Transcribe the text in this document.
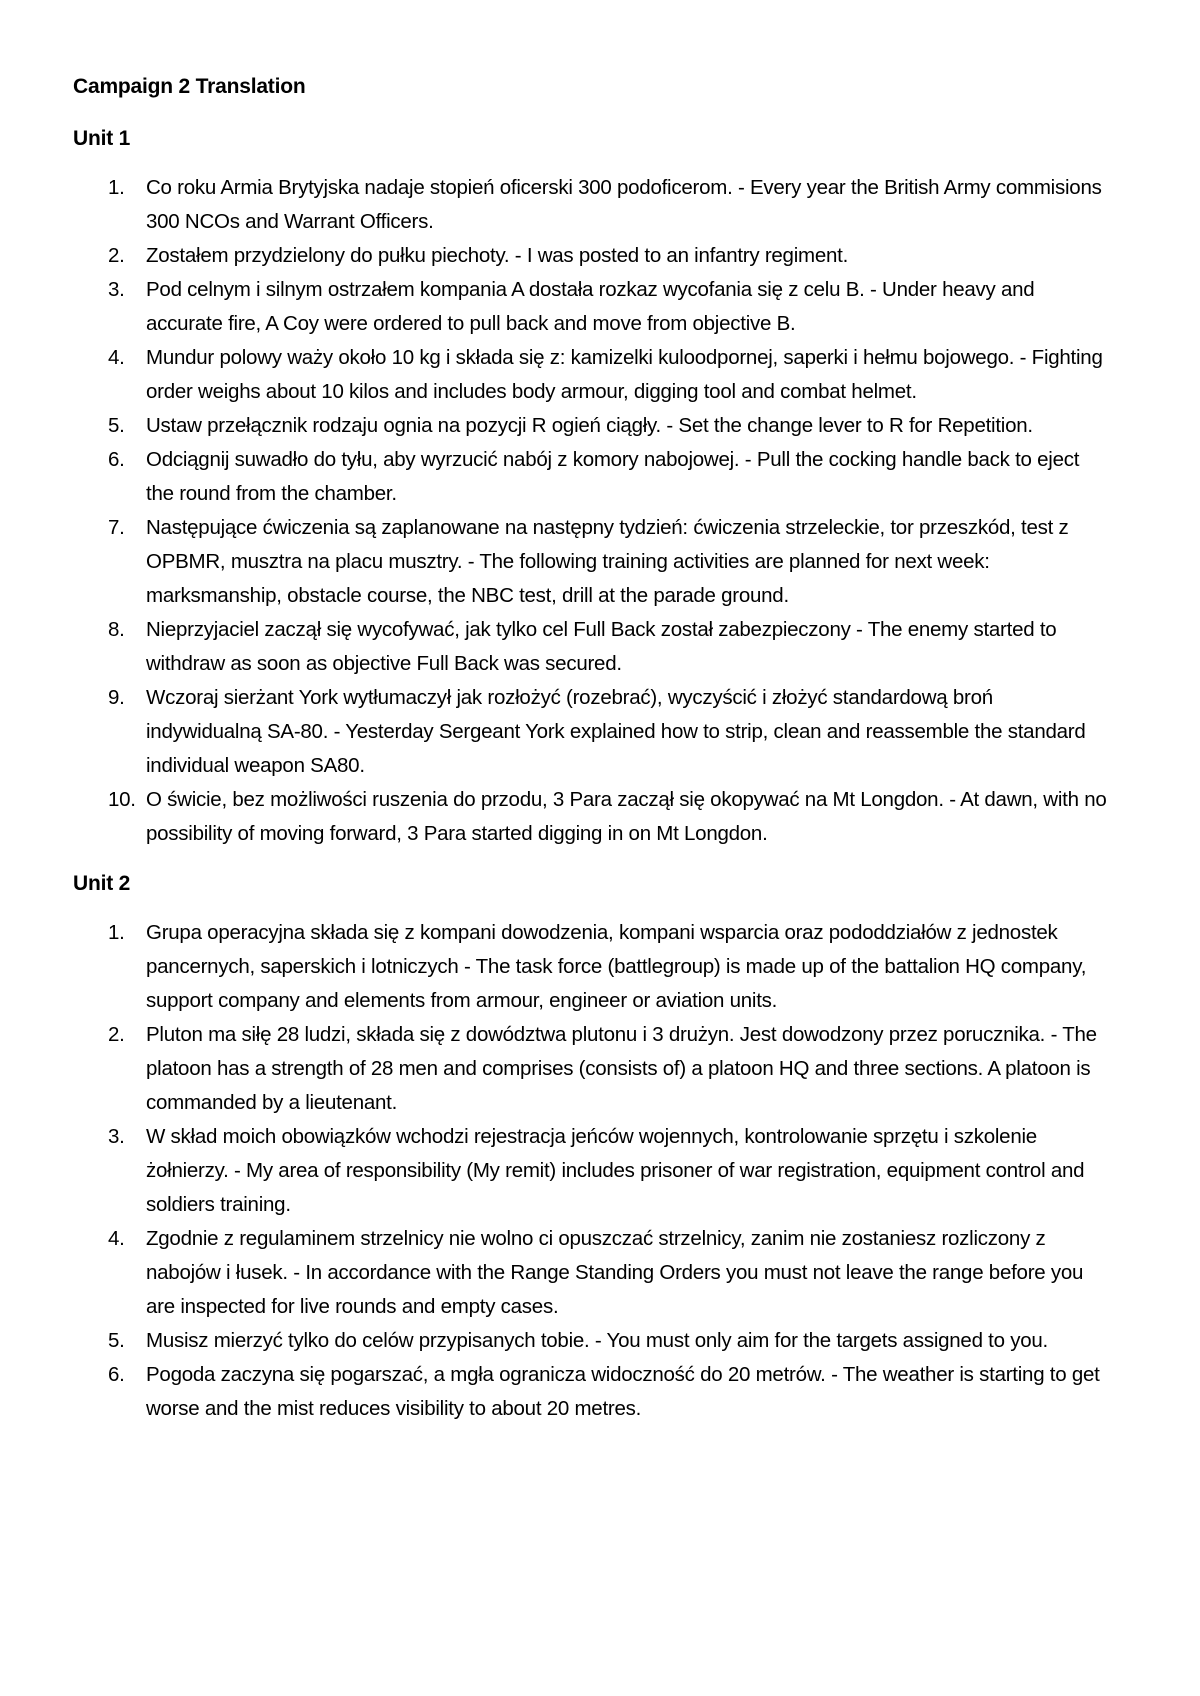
Campaign 2 Translation
Unit 1
1. Co roku Armia Brytyjska nadaje stopień oficerski 300 podoficerom. - Every year the British Army commisions 300 NCOs and Warrant Officers.
2. Zostałem przydzielony do pułku piechoty. - I was posted to an infantry regiment.
3. Pod celnym i silnym ostrzałem kompania A dostała rozkaz wycofania się z celu B. - Under heavy and accurate fire, A Coy were ordered to pull back and move from objective B.
4. Mundur polowy waży około 10 kg i składa się z: kamizelki kuloodpornej, saperki i hełmu bojowego. - Fighting order weighs about 10 kilos and includes body armour, digging tool and combat helmet.
5. Ustaw przełącznik rodzaju ognia na pozycji R ogień ciągły. - Set the change lever to R for Repetition.
6. Odciągnij suwadło do tyłu, aby wyrzucić nabój z komory nabojowej. - Pull the cocking handle back to eject the round from the chamber.
7. Następujące ćwiczenia są zaplanowane na następny tydzień: ćwiczenia strzeleckie, tor przeszkód, test z OPBMR, musztra na placu musztry. - The following training activities are planned for next week: marksmanship, obstacle course, the NBC test, drill at the parade ground.
8. Nieprzyjaciel zaczął się wycofywać, jak tylko cel Full Back został zabezpieczony - The enemy started to withdraw as soon as objective Full Back was secured.
9. Wczoraj sierżant York wytłumaczył jak rozłożyć (rozebrać), wyczyścić i złożyć standardową broń indywidualną SA-80. - Yesterday Sergeant York explained how to strip, clean and reassemble the standard individual weapon SA80.
10. O świcie, bez możliwości ruszenia do przodu, 3 Para zaczął się okopywać na Mt Longdon. - At dawn, with no possibility of moving forward, 3 Para started digging in on Mt Longdon.
Unit 2
1. Grupa operacyjna składa się z kompani dowodzenia, kompani wsparcia oraz pododdziałów z jednostek pancernych, saperskich i lotniczych - The task force (battlegroup) is made up of the battalion HQ company, support company and elements from armour, engineer or aviation units.
2. Pluton ma siłę 28 ludzi, składa się z dowództwa plutonu i 3 drużyn. Jest dowodzony przez porucznika. - The platoon has a strength of 28 men and comprises (consists of) a platoon HQ and three sections. A platoon is commanded by a lieutenant.
3. W skład moich obowiązków wchodzi rejestracja jeńców wojennych, kontrolowanie sprzętu i szkolenie żołnierzy. - My area of responsibility (My remit) includes prisoner of war registration, equipment control and soldiers training.
4. Zgodnie z regulaminem strzelnicy nie wolno ci opuszczać strzelnicy, zanim nie zostaniesz rozliczony z nabojów i łusek. - In accordance with the Range Standing Orders you must not leave the range before you are inspected for live rounds and empty cases.
5. Musisz mierzyć tylko do celów przypisanych tobie. - You must only aim for the targets assigned to you.
6. Pogoda zaczyna się pogarszać, a mgła ogranicza widoczność do 20 metrów. - The weather is starting to get worse and the mist reduces visibility to about 20 metres.
